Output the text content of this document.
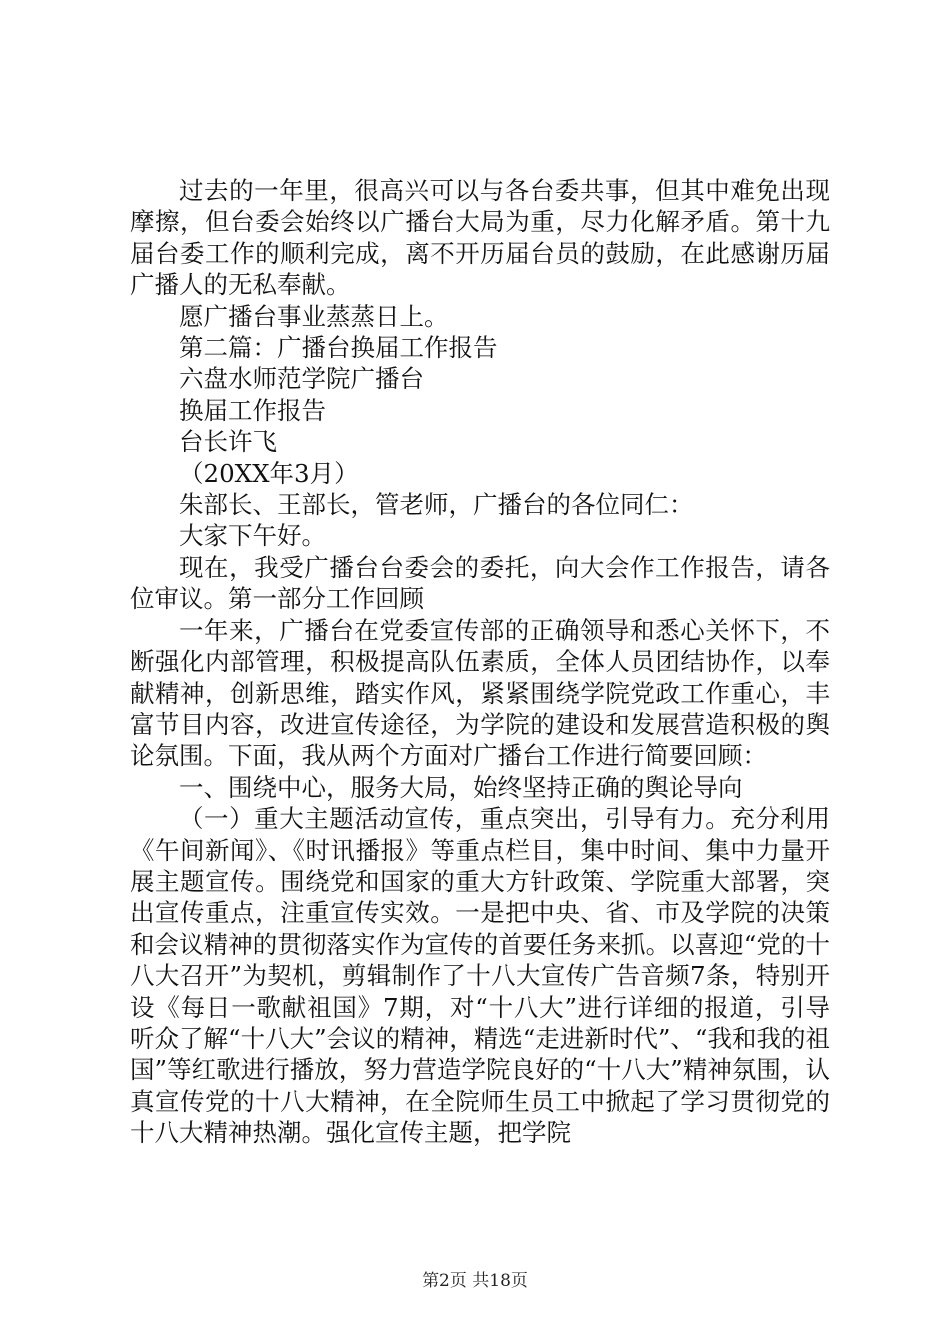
过去的一年里，很高兴可以与各台委共事，但其中难免出现摩擦，但台委会始终以广播台大局为重，尽力化解矛盾。第十九届台委工作的顺利完成，离不开历届台员的鼓励，在此感谢历届广播人的无私奉献。

愿广播台事业蒸蒸日上。

第二篇：广播台换届工作报告

六盘水师范学院广播台

换届工作报告

台长许飞

（20XX年3月）

朱部长、王部长，管老师，广播台的各位同仁：

大家下午好。

现在，我受广播台台委会的委托，向大会作工作报告，请各位审议。第一部分工作回顾

一年来，广播台在党委宣传部的正确领导和悉心关怀下，不断强化内部管理，积极提高队伍素质，全体人员团结协作，以奉献精神，创新思维，踏实作风，紧紧围绕学院党政工作重心，丰富节目内容，改进宣传途径，为学院的建设和发展营造积极的舆论氛围。下面，我从两个方面对广播台工作进行简要回顾：

一、围绕中心，服务大局，始终坚持正确的舆论导向

（一）重大主题活动宣传，重点突出，引导有力。充分利用《午间新闻》、《时讯播报》等重点栏目，集中时间、集中力量开展主题宣传。围绕党和国家的重大方针政策、学院重大部署，突出宣传重点，注重宣传实效。一是把中央、省、市及学院的决策和会议精神的贯彻落实作为宣传的首要任务来抓。以喜迎“党的十八大召开”为契机，剪辑制作了十八大宣传广告音频7条，特别开设《每日一歌献祖国》7期，对“十八大”进行详细的报道，引导听众了解“十八大”会议的精神，精选“走进新时代”、“我和我的祖国”等红歌进行播放，努力营造学院良好的“十八大”精神氛围，认真宣传党的十八大精神，在全院师生员工中掀起了学习贯彻党的十八大精神热潮。强化宣传主题，把学院

第2页 共18页
